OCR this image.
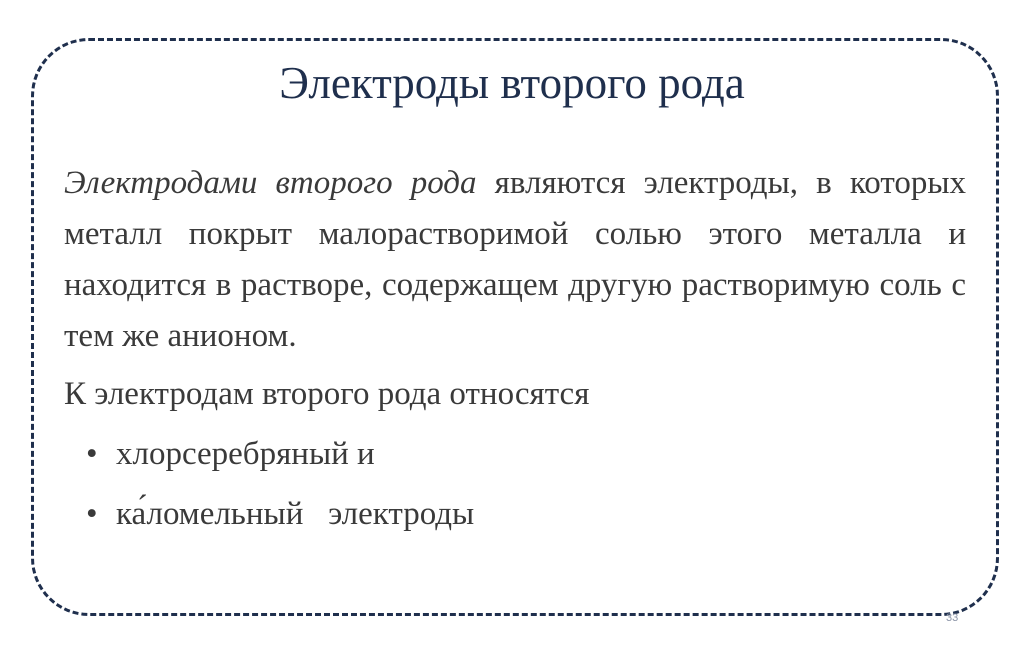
Электроды второго рода

Электродами второго рода являются электроды, в которых металл покрыт малорастворимой солью этого металла и находится в растворе, содержащем другую растворимую соль с тем же анионом.

К электродам второго рода относятся

• хлорсеребряный и
• ка́ломельный   электроды
33
